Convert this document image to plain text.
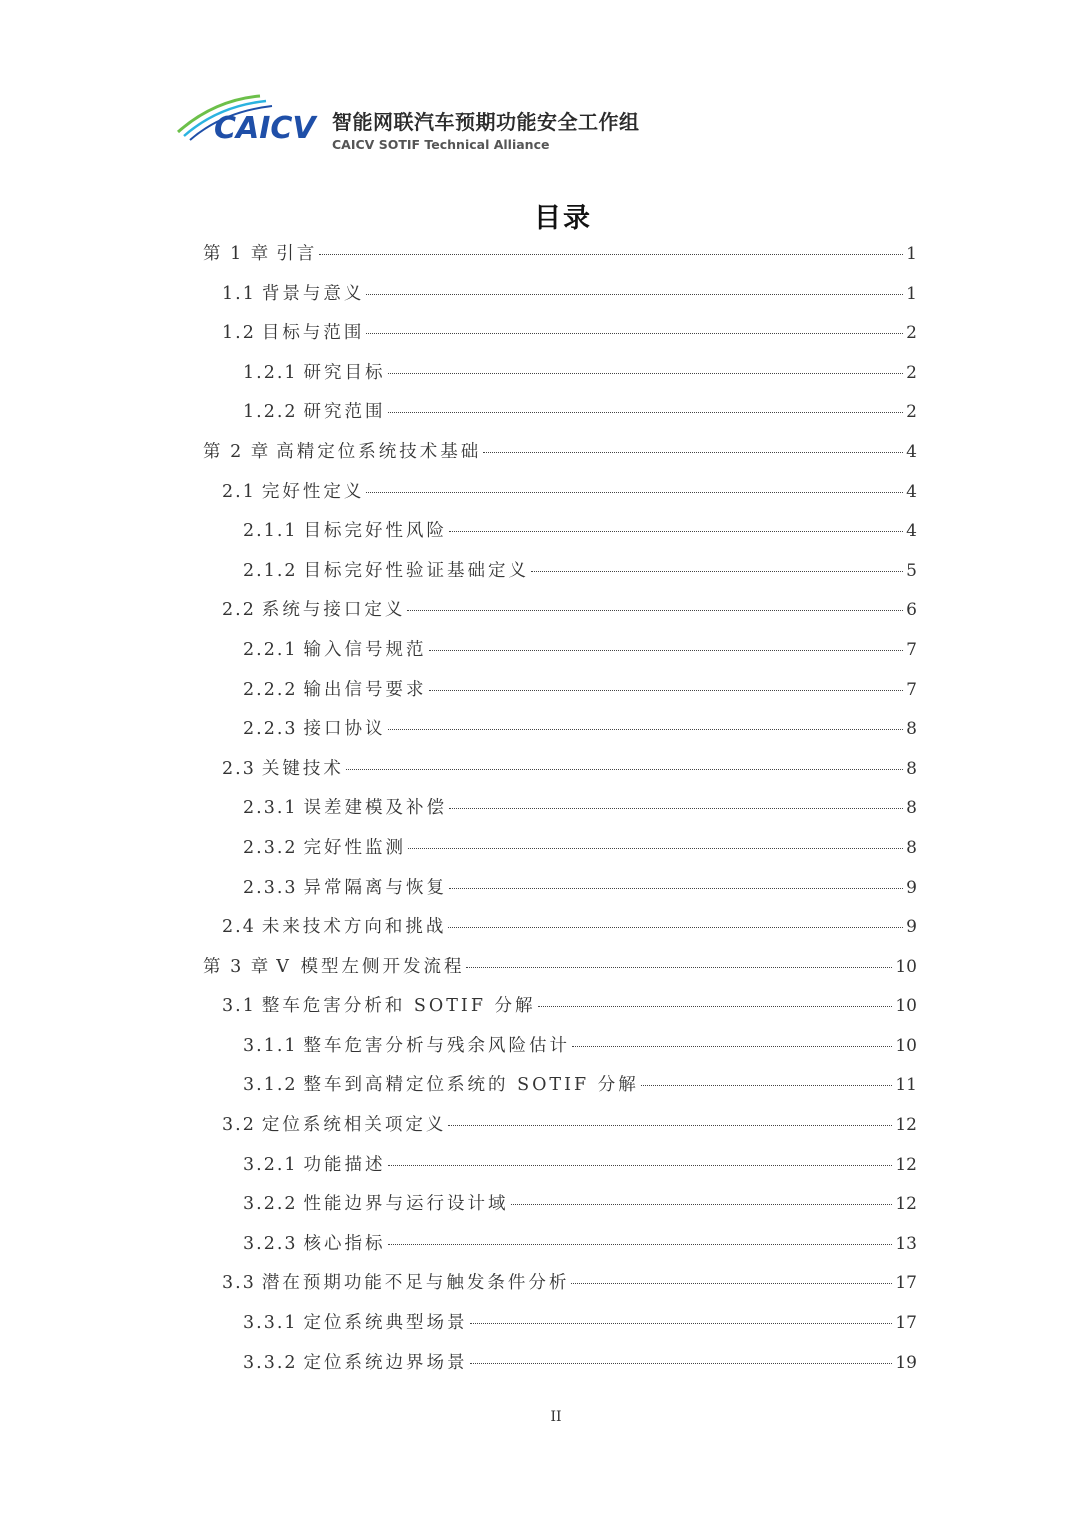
CAICV 智能网联汽车预期功能安全工作组
CAICV SOTIF Technical Alliance
目录
第 1 章 引言	1
1.1 背景与意义	1
1.2 目标与范围	2
1.2.1 研究目标	2
1.2.2 研究范围	2
第 2 章 高精定位系统技术基础	4
2.1 完好性定义	4
2.1.1 目标完好性风险	4
2.1.2 目标完好性验证基础定义	5
2.2 系统与接口定义	6
2.2.1 输入信号规范	7
2.2.2 输出信号要求	7
2.2.3 接口协议	8
2.3 关键技术	8
2.3.1 误差建模及补偿	8
2.3.2 完好性监测	8
2.3.3 异常隔离与恢复	9
2.4 未来技术方向和挑战	9
第 3 章 V 模型左侧开发流程	10
3.1 整车危害分析和 SOTIF 分解	10
3.1.1 整车危害分析与残余风险估计	10
3.1.2 整车到高精定位系统的 SOTIF 分解	11
3.2 定位系统相关项定义	12
3.2.1 功能描述	12
3.2.2 性能边界与运行设计域	12
3.2.3 核心指标	13
3.3 潜在预期功能不足与触发条件分析	17
3.3.1 定位系统典型场景	17
3.3.2 定位系统边界场景	19
II
